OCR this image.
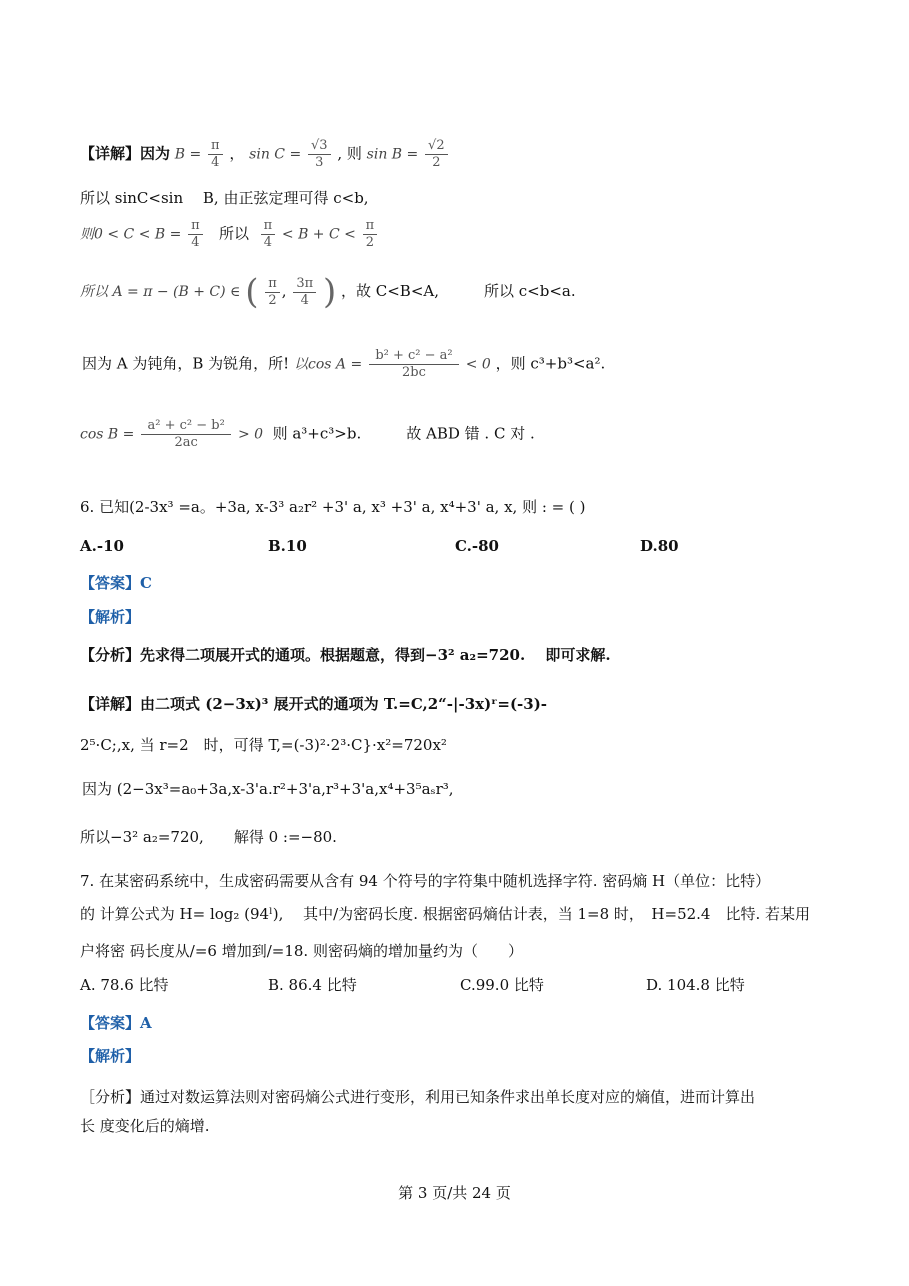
【详解】因为 $B = \frac{\pi}{4}$ ， $\sin C = \frac{√3}{3}$ , 则 $\sin B = \frac{√2}{2}$
所以 sinC<sin　 B, 由正弦定理可得 c<b,
则$0 < C < B = \frac{\pi}{4}$ 所以 $\frac{\pi}{4} < B + C < \frac{\pi}{2}$
所以 A = π − (B + C) ∈ ( $\frac{\pi}{2}$ , $\frac{3\pi}{4}$ ) ，故 C<B<A,　　　所以 c<b<a.
因为 A 为钝角，B 为锐角，所! 以$\cos A = \frac{\text{b² + c² − a²}}{2bc} < 0$ ，则 c³+b³<a².
$\cos B = \frac{\text{a² + c² − b²}}{2ac} > 0$ 则 a³+c³>b.　　　故 ABD 错 . C 对 .
6. 已知(2-3x³ =a。+3a, x-3³ a₂r² +3' a, x³ +3' a, x⁴+3' a, x, 则 : = ( )
A.-10	B.10	C.-80	D.80
【答案】C
【解析】
【分析】先求得二项展开式的通项。根据题意，得到−3² a₂=720.　 即可求解.
【详解】由二项式 (2−3x)³ 展开式的通项为 T.=C,2“-|-3x)ʳ=(-3)-
2⁵·C;,x, 当 r=2　时，可得 T,=(-3)²·2³·C}·x²=720x²
因为 (2−3x³=a₀+3a,x-3'a.r²+3'a,r³+3'a,x⁴+3⁵aₛr³,
所以−3² a₂=720,　　解得 0 :=−80.
7. 在某密码系统中，生成密码需要从含有 94 个符号的字符集中随机选择字符. 密码熵 H（单位：比特）
的 计算公式为 H= log₂ (94ˡ),　 其中/为密码长度. 根据密码熵估计表，当 1=8 时，　H=52.4　比特. 若某用
户将密 码长度从/=6 增加到/=18. 则密码熵的增加量约为（　　）
A. 78.6 比特	B. 86.4 比特	C.99.0 比特	D. 104.8 比特
【答案】A
【解析】
［分析】通过对数运算法则对密码熵公式进行变形，利用已知条件求出单长度对应的熵值，进而计算出
长 度变化后的熵增.
第 3 页/共 24 页
